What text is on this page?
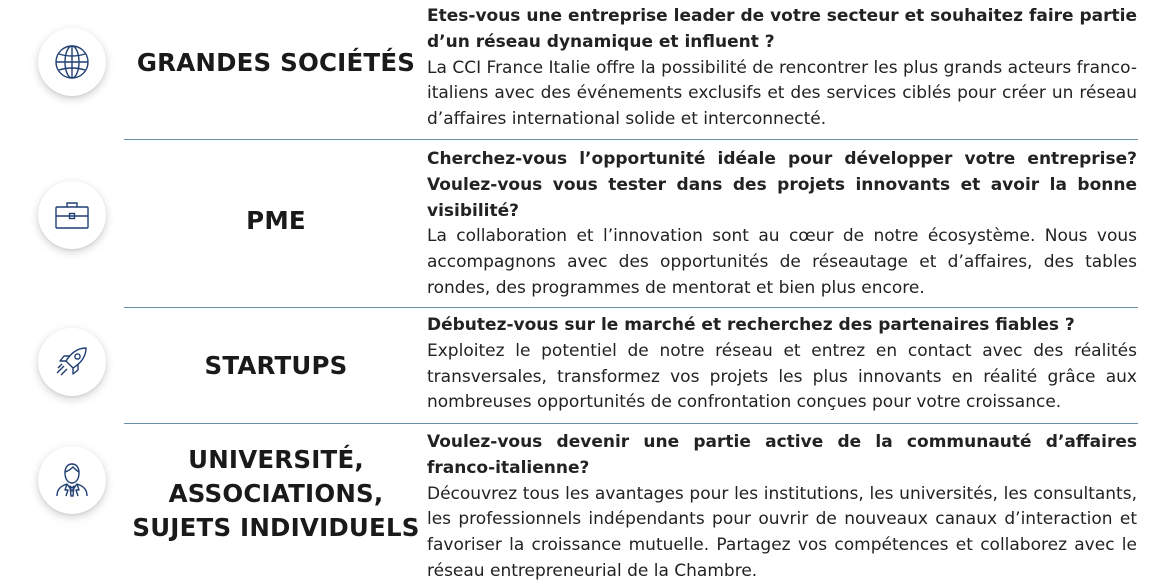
GRANDES SOCIÉTÉS
Etes-vous une entreprise leader de votre secteur et souhaitez faire partie d’un réseau dynamique et influent ?
La CCI France Italie offre la possibilité de rencontrer les plus grands acteurs franco-italiens avec des événements exclusifs et des services ciblés pour créer un réseau d’affaires international solide et interconnecté.
PME
Cherchez-vous l’opportunité idéale pour développer votre entreprise? Voulez-vous vous tester dans des projets innovants et avoir la bonne visibilité?
La collaboration et l’innovation sont au cœur de notre écosystème. Nous vous accompagnons avec des opportunités de réseautage et d’affaires, des tables rondes, des programmes de mentorat et bien plus encore.
STARTUPS
Débutez-vous sur le marché et recherchez des partenaires fiables ?
Exploitez le potentiel de notre réseau et entrez en contact avec des réalités transversales, transformez vos projets les plus innovants en réalité grâce aux nombreuses opportunités de confrontation conçues pour votre croissance.
UNIVERSITÉ, ASSOCIATIONS, SUJETS INDIVIDUELS
Voulez-vous devenir une partie active de la communauté d’affaires franco-italienne?
Découvrez tous les avantages pour les institutions, les universités, les consultants, les professionnels indépendants pour ouvrir de nouveaux canaux d’interaction et favoriser la croissance mutuelle. Partagez vos compétences et collaborez avec le réseau entrepreneurial de la Chambre.
